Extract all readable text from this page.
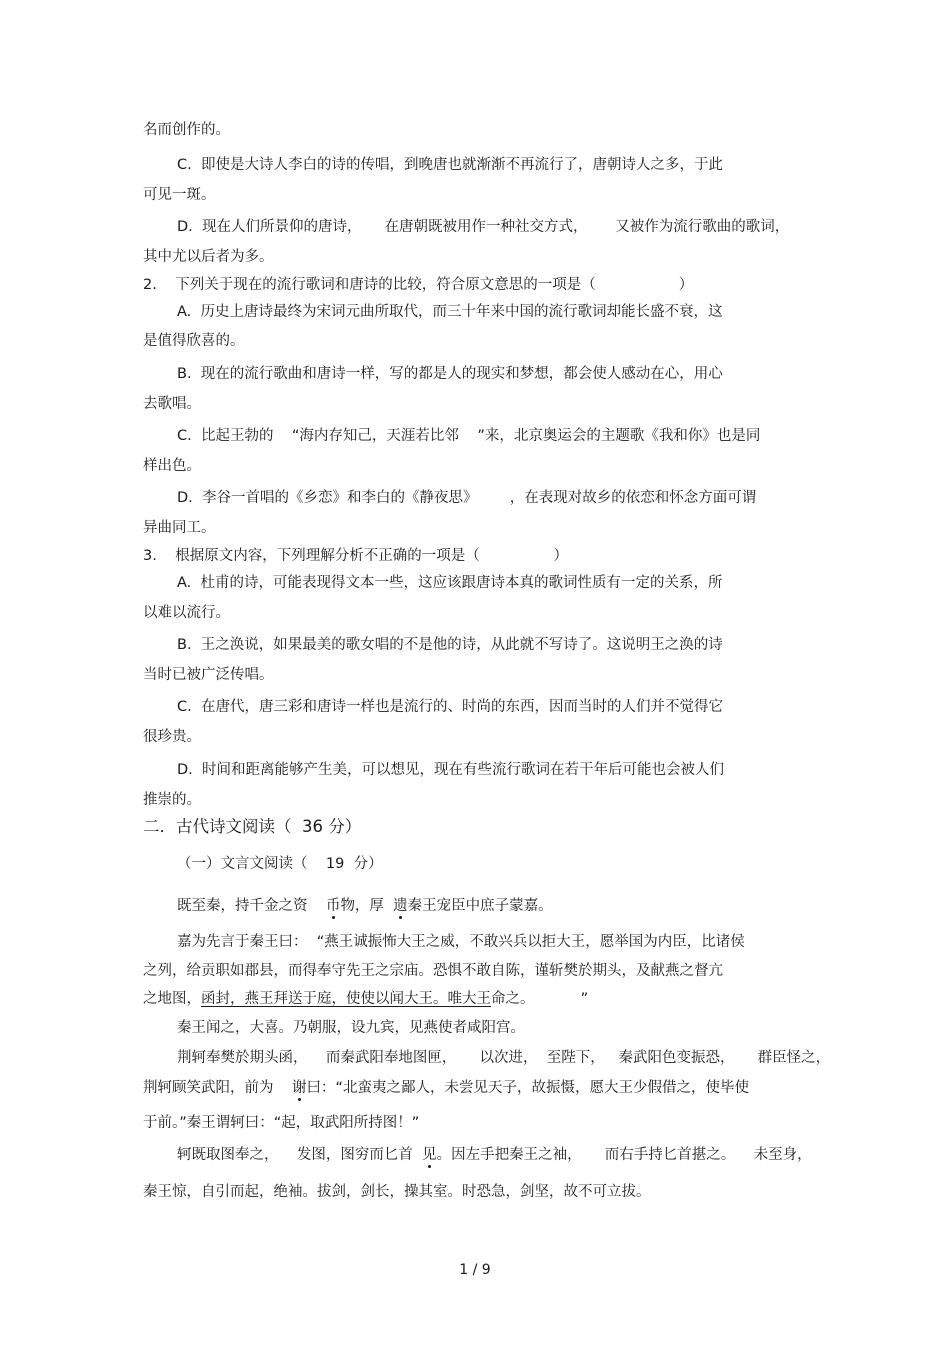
名而创作的。
C.  即使是大诗人李白的诗的传唱，到晚唐也就渐渐不再流行了，唐朝诗人之多，于此
可见一斑。
D.  现在人们所景仰的唐诗，     在唐朝既被用作一种社交方式，      又被作为流行歌曲的歌词，
其中尤以后者为多。
2.    下列关于现在的流行歌词和唐诗的比较，符合原文意思的一项是（                  ）
A.  历史上唐诗最终为宋词元曲所取代，而三十年来中国的流行歌词却能长盛不衰，这
是值得欣喜的。
B.  现在的流行歌曲和唐诗一样，写的都是人的现实和梦想，都会使人感动在心，用心
去歌唱。
C.  比起王勃的    “海内存知己，天涯若比邻    ”来，北京奥运会的主题歌《我和你》也是同
样出色。
D.  李谷一首唱的《乡恋》和李白的《静夜思》       ，在表现对故乡的依恋和怀念方面可谓
异曲同工。
3.    根据原文内容，下列理解分析不正确的一项是（                ）
A.  杜甫的诗，可能表现得文本一些，这应该跟唐诗本真的歌词性质有一定的关系，所
以难以流行。
B.  王之涣说，如果最美的歌女唱的不是他的诗，从此就不写诗了。这说明王之涣的诗
当时已被广泛传唱。
C.  在唐代，唐三彩和唐诗一样也是流行的、时尚的东西，因而当时的人们并不觉得它
很珍贵。
D.  时间和距离能够产生美，可以想见，现在有些流行歌词在若干年后可能也会被人们
推崇的。
二．古代诗文阅读（  36 分）
（一）文言文阅读（    19  分）
既至秦，持千金之资    币物，厚  遗秦王宠臣中庶子蒙嘉。
嘉为先言于秦王曰：  “燕王诚振怖大王之威，不敢兴兵以拒大王，愿举国为内臣，比诸侯
之列，给贡职如郡县，而得奉守先王之宗庙。恐惧不敢自陈，谨斩樊於期头，及献燕之督亢
之地图，函封，燕王拜送于庭，使使以闻大王。唯大王命之。          ”
秦王闻之，大喜。乃朝服，设九宾，见燕使者咸阳宫。
荆轲奉樊於期头函，    而秦武阳奉地图匣，     以次进，  至陛下，   秦武阳色变振恐，     群臣怪之，
荆轲顾笑武阳，前为    谢曰：“北蛮夷之鄙人，未尝见天子，故振慑，愿大王少假借之，使毕使
于前。”秦王谓轲曰：“起，取武阳所持图！”
轲既取图奉之，    发图，图穷而匕首  见。因左手把秦王之袖，     而右手持匕首揕之。    未至身，
秦王惊，自引而起，绝袖。拔剑，剑长，操其室。时恐急，剑坚，故不可立拔。
1 / 9
